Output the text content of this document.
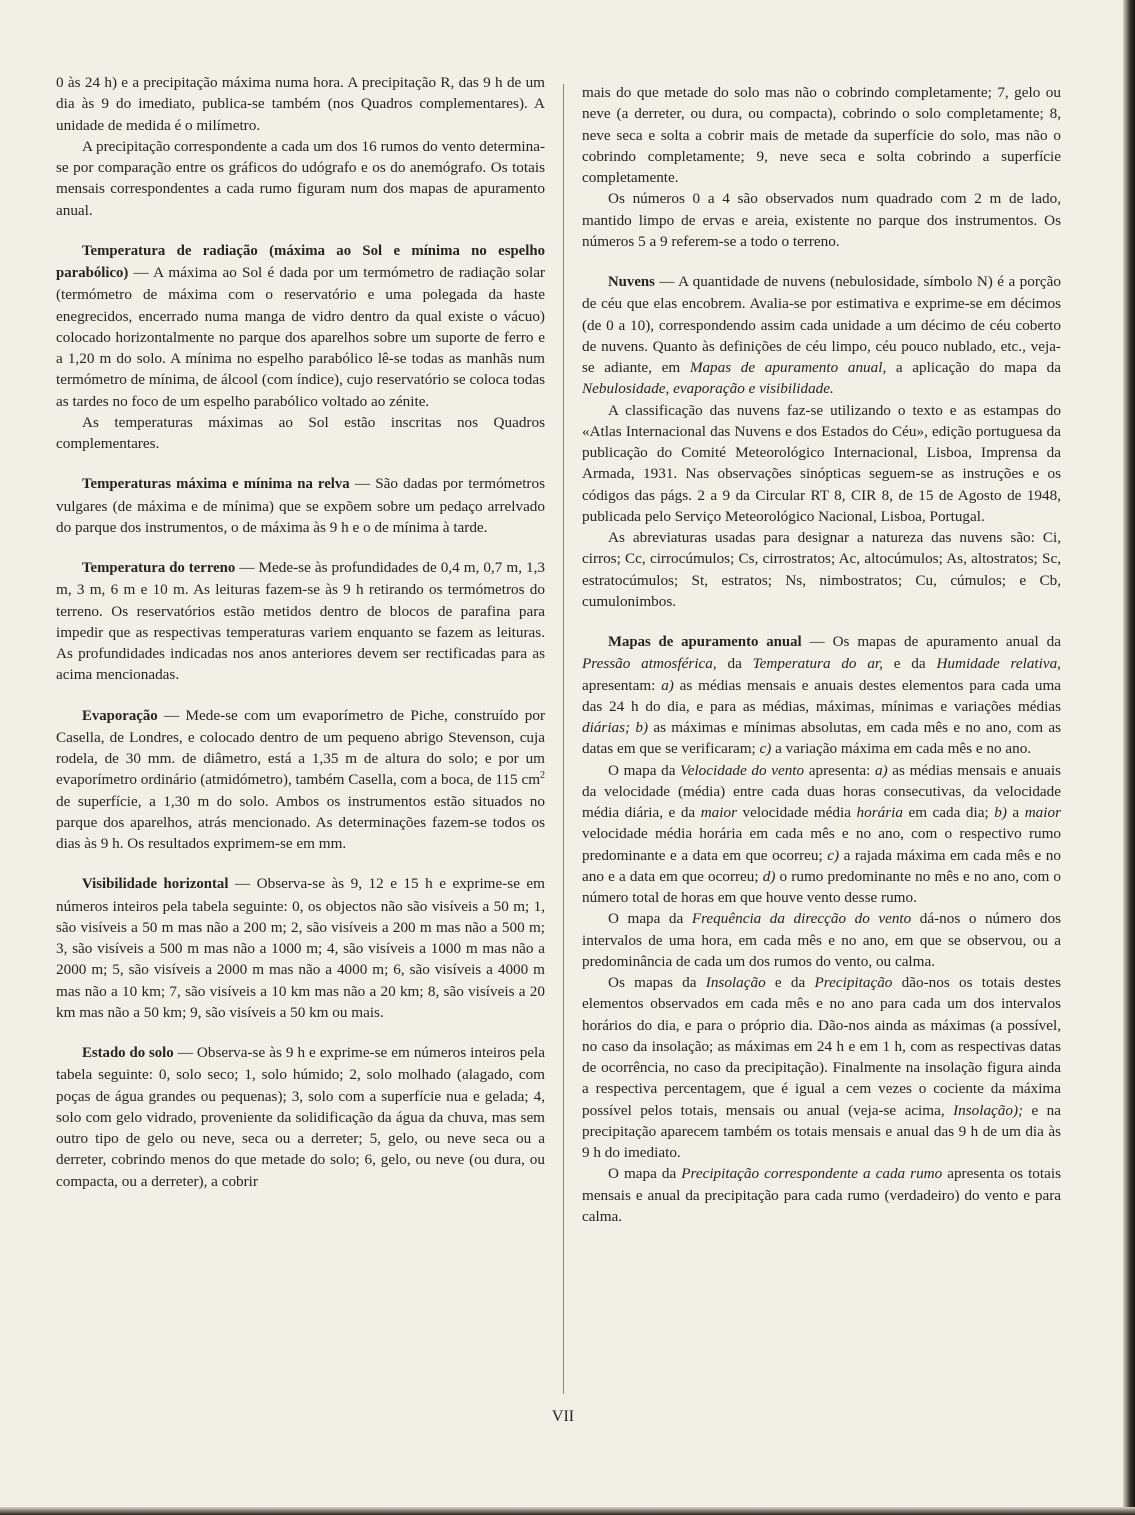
0 às 24 h) e a precipitação máxima numa hora. A precipitação R, das 9 h de um dia às 9 do imediato, publica-se também (nos Quadros complementares). A unidade de medida é o milímetro.

A precipitação correspondente a cada um dos 16 rumos do vento determina-se por comparação entre os gráficos do udógrafo e os do anemógrafo. Os totais mensais correspondentes a cada rumo figuram num dos mapas de apuramento anual.

Temperatura de radiação (máxima ao Sol e mínima no espelho parabólico) — A máxima ao Sol é dada por um termómetro de radiação solar (termómetro de máxima com o reservatório e uma polegada da haste enegrecidos, encerrado numa manga de vidro dentro da qual existe o vácuo) colocado horizontalmente no parque dos aparelhos sobre um suporte de ferro e a 1,20 m do solo. A mínima no espelho parabólico lê-se todas as manhãs num termómetro de mínima, de álcool (com índice), cujo reservatório se coloca todas as tardes no foco de um espelho parabólico voltado ao zénite.

As temperaturas máximas ao Sol estão inscritas nos Quadros complementares.

Temperaturas máxima e mínima na relva — São dadas por termómetros vulgares (de máxima e de mínima) que se expõem sobre um pedaço arrelvado do parque dos instrumentos, o de máxima às 9 h e o de mínima à tarde.

Temperatura do terreno — Mede-se às profundidades de 0,4 m, 0,7 m, 1,3 m, 3 m, 6 m e 10 m. As leituras fazem-se às 9 h retirando os termómetros do terreno. Os reservatórios estão metidos dentro de blocos de parafina para impedir que as respectivas temperaturas variem enquanto se fazem as leituras. As profundidades indicadas nos anos anteriores devem ser rectificadas para as acima mencionadas.

Evaporação — Mede-se com um evaporímetro de Piche, construído por Casella, de Londres, e colocado dentro de um pequeno abrigo Stevenson, cuja rodela, de 30 mm. de diâmetro, está a 1,35 m de altura do solo; e por um evaporímetro ordinário (atmidómetro), também Casella, com a boca, de 115 $cm^2$ de superfície, a 1,30 m do solo. Ambos os instrumentos estão situados no parque dos aparelhos, atrás mencionado. As determinações fazem-se todos os dias às 9 h. Os resultados exprimem-se em mm.

Visibilidade horizontal — Observa-se às 9, 12 e 15 h e exprime-se em números inteiros pela tabela seguinte: 0, os objectos não são visíveis a 50 m; 1, são visíveis a 50 m mas não a 200 m; 2, são visíveis a 200 m mas não a 500 m; 3, são visíveis a 500 m mas não a 1000 m; 4, são visíveis a 1000 m mas não a 2000 m; 5, são visíveis a 2000 m mas não a 4000 m; 6, são visíveis a 4000 m mas não a 10 km; 7, são visíveis a 10 km mas não a 20 km; 8, são visíveis a 20 km mas não a 50 km; 9, são visíveis a 50 km ou mais.

Estado do solo — Observa-se às 9 h e exprime-se em números inteiros pela tabela seguinte: 0, solo seco; 1, solo húmido; 2, solo molhado (alagado, com poças de água grandes ou pequenas); 3, solo com a superfície nua e gelada; 4, solo com gelo vidrado, proveniente da solidificação da água da chuva, mas sem outro tipo de gelo ou neve, seca ou a derreter; 5, gelo, ou neve seca ou a derreter, cobrindo menos do que metade do solo; 6, gelo, ou neve (ou dura, ou compacta, ou a derreter), a cobrir

mais do que metade do solo mas não o cobrindo completamente; 7, gelo ou neve (a derreter, ou dura, ou compacta), cobrindo o solo completamente; 8, neve seca e solta a cobrir mais de metade da superfície do solo, mas não o cobrindo completamente; 9, neve seca e solta cobrindo a superfície completamente.

Os números 0 a 4 são observados num quadrado com 2 m de lado, mantido limpo de ervas e areia, existente no parque dos instrumentos. Os números 5 a 9 referem-se a todo o terreno.

Nuvens — A quantidade de nuvens (nebulosidade, símbolo N) é a porção de céu que elas encobrem. Avalia-se por estimativa e exprime-se em décimos (de 0 a 10), correspondendo assim cada unidade a um décimo de céu coberto de nuvens. Quanto às definições de céu limpo, céu pouco nublado, etc., veja-se adiante, em Mapas de apuramento anual, a aplicação do mapa da Nebulosidade, evaporação e visibilidade.

A classificação das nuvens faz-se utilizando o texto e as estampas do «Atlas Internacional das Nuvens e dos Estados do Céu», edição portuguesa da publicação do Comité Meteorológico Internacional, Lisboa, Imprensa da Armada, 1931. Nas observações sinópticas seguem-se as instruções e os códigos das págs. 2 a 9 da Circular RT 8, CIR 8, de 15 de Agosto de 1948, publicada pelo Serviço Meteorológico Nacional, Lisboa, Portugal.

As abreviaturas usadas para designar a natureza das nuvens são: Ci, cirros; Cc, cirrocúmulos; Cs, cirrostratos; Ac, altocúmulos; As, altostratos; Sc, estratocúmulos; St, estratos; Ns, nimbostratos; Cu, cúmulos; e Cb, cumulonimbos.

Mapas de apuramento anual — Os mapas de apuramento anual da Pressão atmosférica, da Temperatura do ar, e da Humidade relativa, apresentam: a) as médias mensais e anuais destes elementos para cada uma das 24 h do dia, e para as médias, máximas, mínimas e variações médias diárias; b) as máximas e mínimas absolutas, em cada mês e no ano, com as datas em que se verificaram; c) a variação máxima em cada mês e no ano.

O mapa da Velocidade do vento apresenta: a) as médias mensais e anuais da velocidade (média) entre cada duas horas consecutivas, da velocidade média diária, e da maior velocidade média horária em cada dia; b) a maior velocidade média horária em cada mês e no ano, com o respectivo rumo predominante e a data em que ocorreu; c) a rajada máxima em cada mês e no ano e a data em que ocorreu; d) o rumo predominante no mês e no ano, com o número total de horas em que houve vento desse rumo.

O mapa da Frequência da direcção do vento dá-nos o número dos intervalos de uma hora, em cada mês e no ano, em que se observou, ou a predominância de cada um dos rumos do vento, ou calma.

Os mapas da Insolação e da Precipitação dão-nos os totais destes elementos observados em cada mês e no ano para cada um dos intervalos horários do dia, e para o próprio dia. Dão-nos ainda as máximas (a possível, no caso da insolação; as máximas em 24 h e em 1 h, com as respectivas datas de ocorrência, no caso da precipitação). Finalmente na insolação figura ainda a respectiva percentagem, que é igual a cem vezes o cociente da máxima possível pelos totais, mensais ou anual (veja-se acima, Insolação); e na precipitação aparecem também os totais mensais e anual das 9 h de um dia às 9 h do imediato.

O mapa da Precipitação correspondente a cada rumo apresenta os totais mensais e anual da precipitação para cada rumo (verdadeiro) do vento e para calma.

VII
